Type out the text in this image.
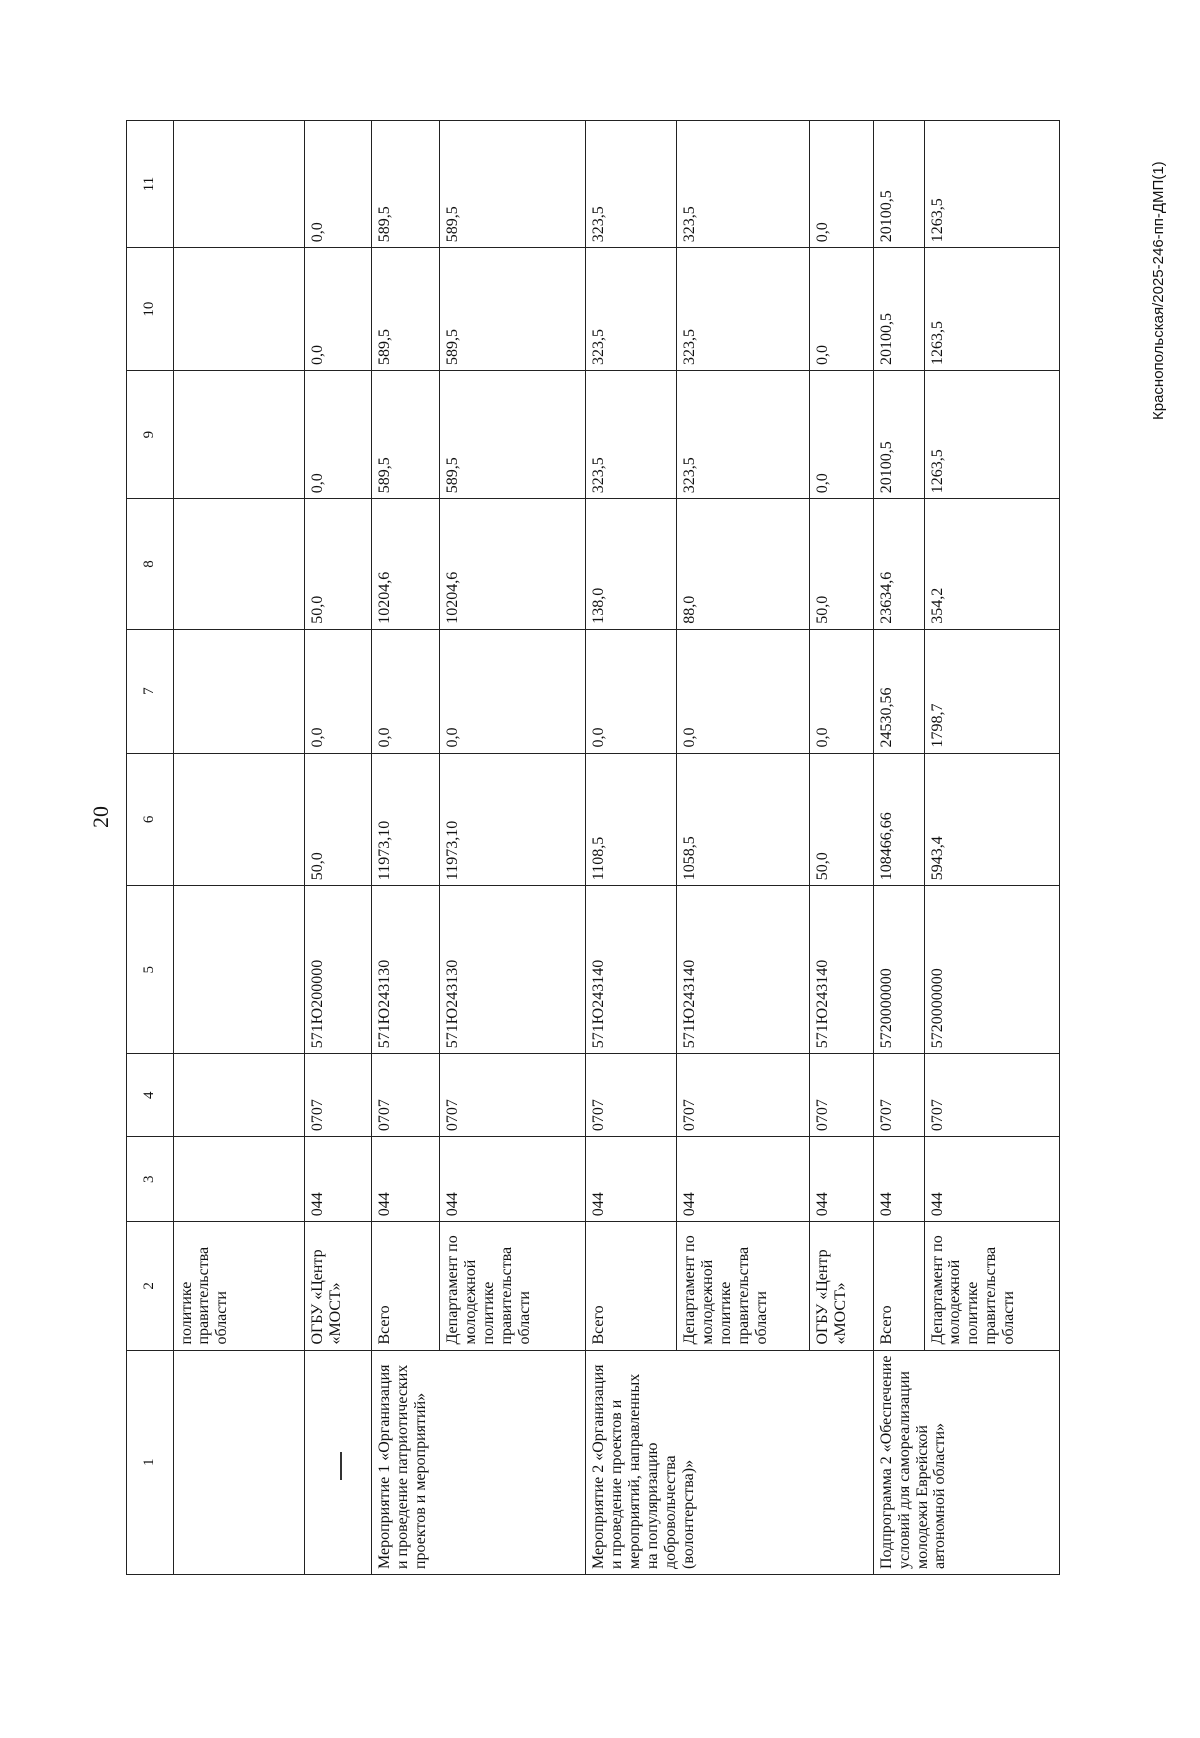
20
1	2	3	4	5	6	7	8	9	10	11
	политике правительства области									
	ОГБУ «Центр «МОСТ»	044	0707	571Ю200000	50,0	0,0	50,0	0,0	0,0	0,0
Мероприятие 1 «Организация и проведение патриотических проектов и мероприятий»	Всего	044	0707	571Ю243130	11973,10	0,0	10204,6	589,5	589,5	589,5
	Департамент по молодежной политике правительства области	044	0707	571Ю243130	11973,10	0,0	10204,6	589,5	589,5	589,5
Мероприятие 2 «Организация и проведение проектов и мероприятий, направленных на популяризацию добровольчества (волонтерства)»	Всего	044	0707	571Ю243140	1108,5	0,0	138,0	323,5	323,5	323,5
	Департамент по молодежной политике правительства области	044	0707	571Ю243140	1058,5	0,0	88,0	323,5	323,5	323,5
	ОГБУ «Центр «МОСТ»	044	0707	571Ю243140	50,0	0,0	50,0	0,0	0,0	0,0
Подпрограмма 2 «Обеспечение условий для самореализации молодежи Еврейской автономной области»	Всего	044	0707	5720000000	108466,66	24530,56	23634,6	20100,5	20100,5	20100,5
	Департамент по молодежной политике правительства области	044	0707	5720000000	5943,4	1798,7	354,2	1263,5	1263,5	1263,5	Краснопольская/2025-246-пп-ДМП(1)
